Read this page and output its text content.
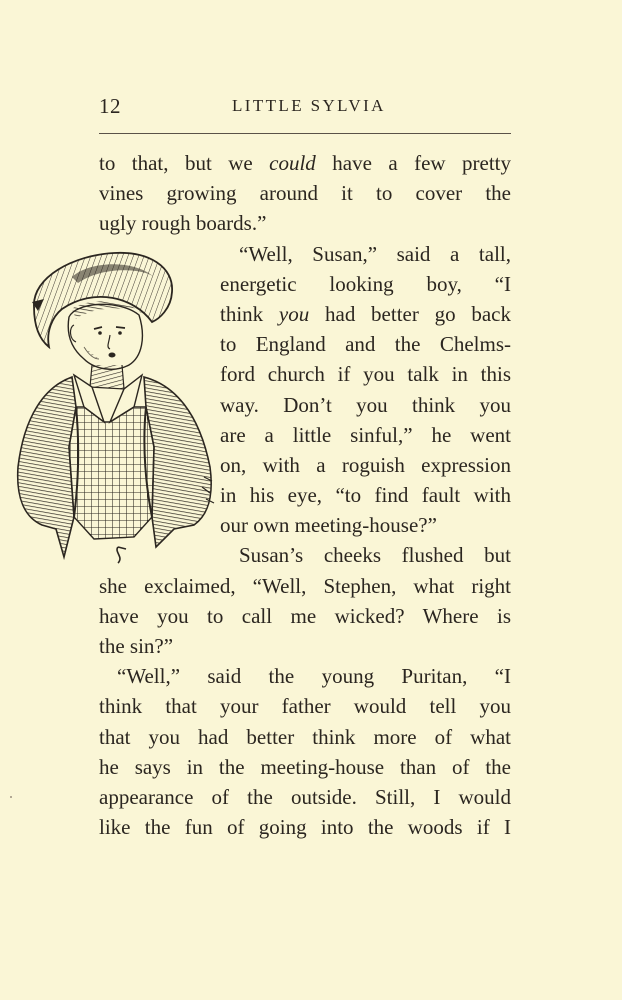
12	LITTLE SYLVIA
to that, but we could have a few pretty
vines growing around it to cover the
ugly rough boards.”
“Well, Susan,” said a tall,
energetic looking boy, “I
think you had better go back
to England and the Chelms-
ford church if you talk in this
way. Don’t you think you
are a little sinful,” he went
on, with a roguish expression
in his eye, “to find fault with
our own meeting-house?”
Susan’s cheeks flushed but
she exclaimed, “Well, Stephen, what right
have you to call me wicked? Where is
the sin?”
“Well,” said the young Puritan, “I
think that your father would tell you
that you had better think more of what
he says in the meeting-house than of the
appearance of the outside. Still, I would
like the fun of going into the woods if I
